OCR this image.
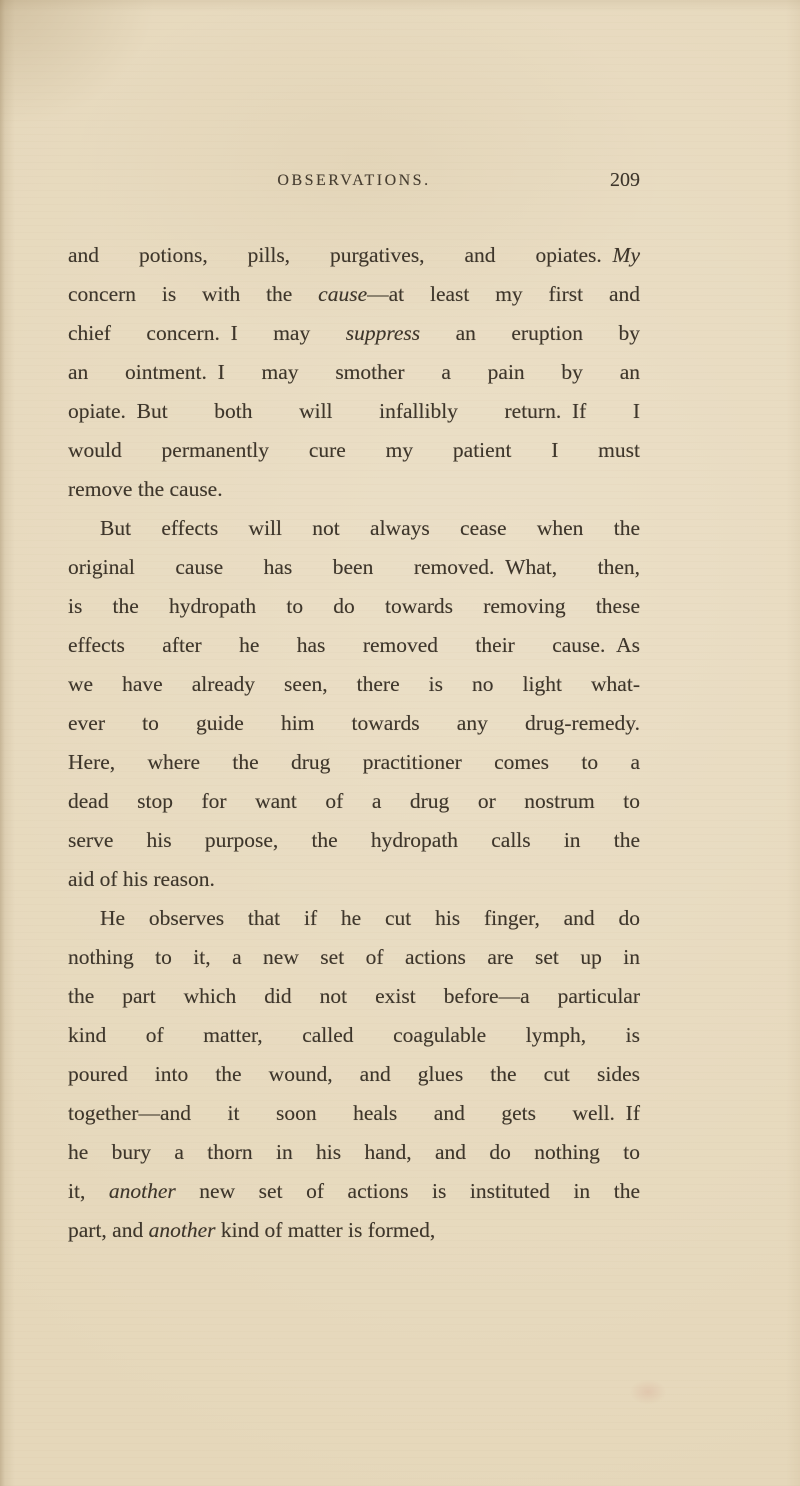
OBSERVATIONS.	209
and potions, pills, purgatives, and opiates. My
concern is with the cause—at least my first and
chief concern. I may suppress an eruption by
an ointment. I may smother a pain by an
opiate. But both will infallibly return. If I
would permanently cure my patient I must
remove the cause.
But effects will not always cease when the
original cause has been removed. What, then,
is the hydropath to do towards removing these
effects after he has removed their cause. As
we have already seen, there is no light what-
ever to guide him towards any drug-remedy.
Here, where the drug practitioner comes to a
dead stop for want of a drug or nostrum to
serve his purpose, the hydropath calls in the
aid of his reason.
He observes that if he cut his finger, and do
nothing to it, a new set of actions are set up in
the part which did not exist before—a particular
kind of matter, called coagulable lymph, is
poured into the wound, and glues the cut sides
together—and it soon heals and gets well. If
he bury a thorn in his hand, and do nothing to
it, another new set of actions is instituted in the
part, and another kind of matter is formed,
